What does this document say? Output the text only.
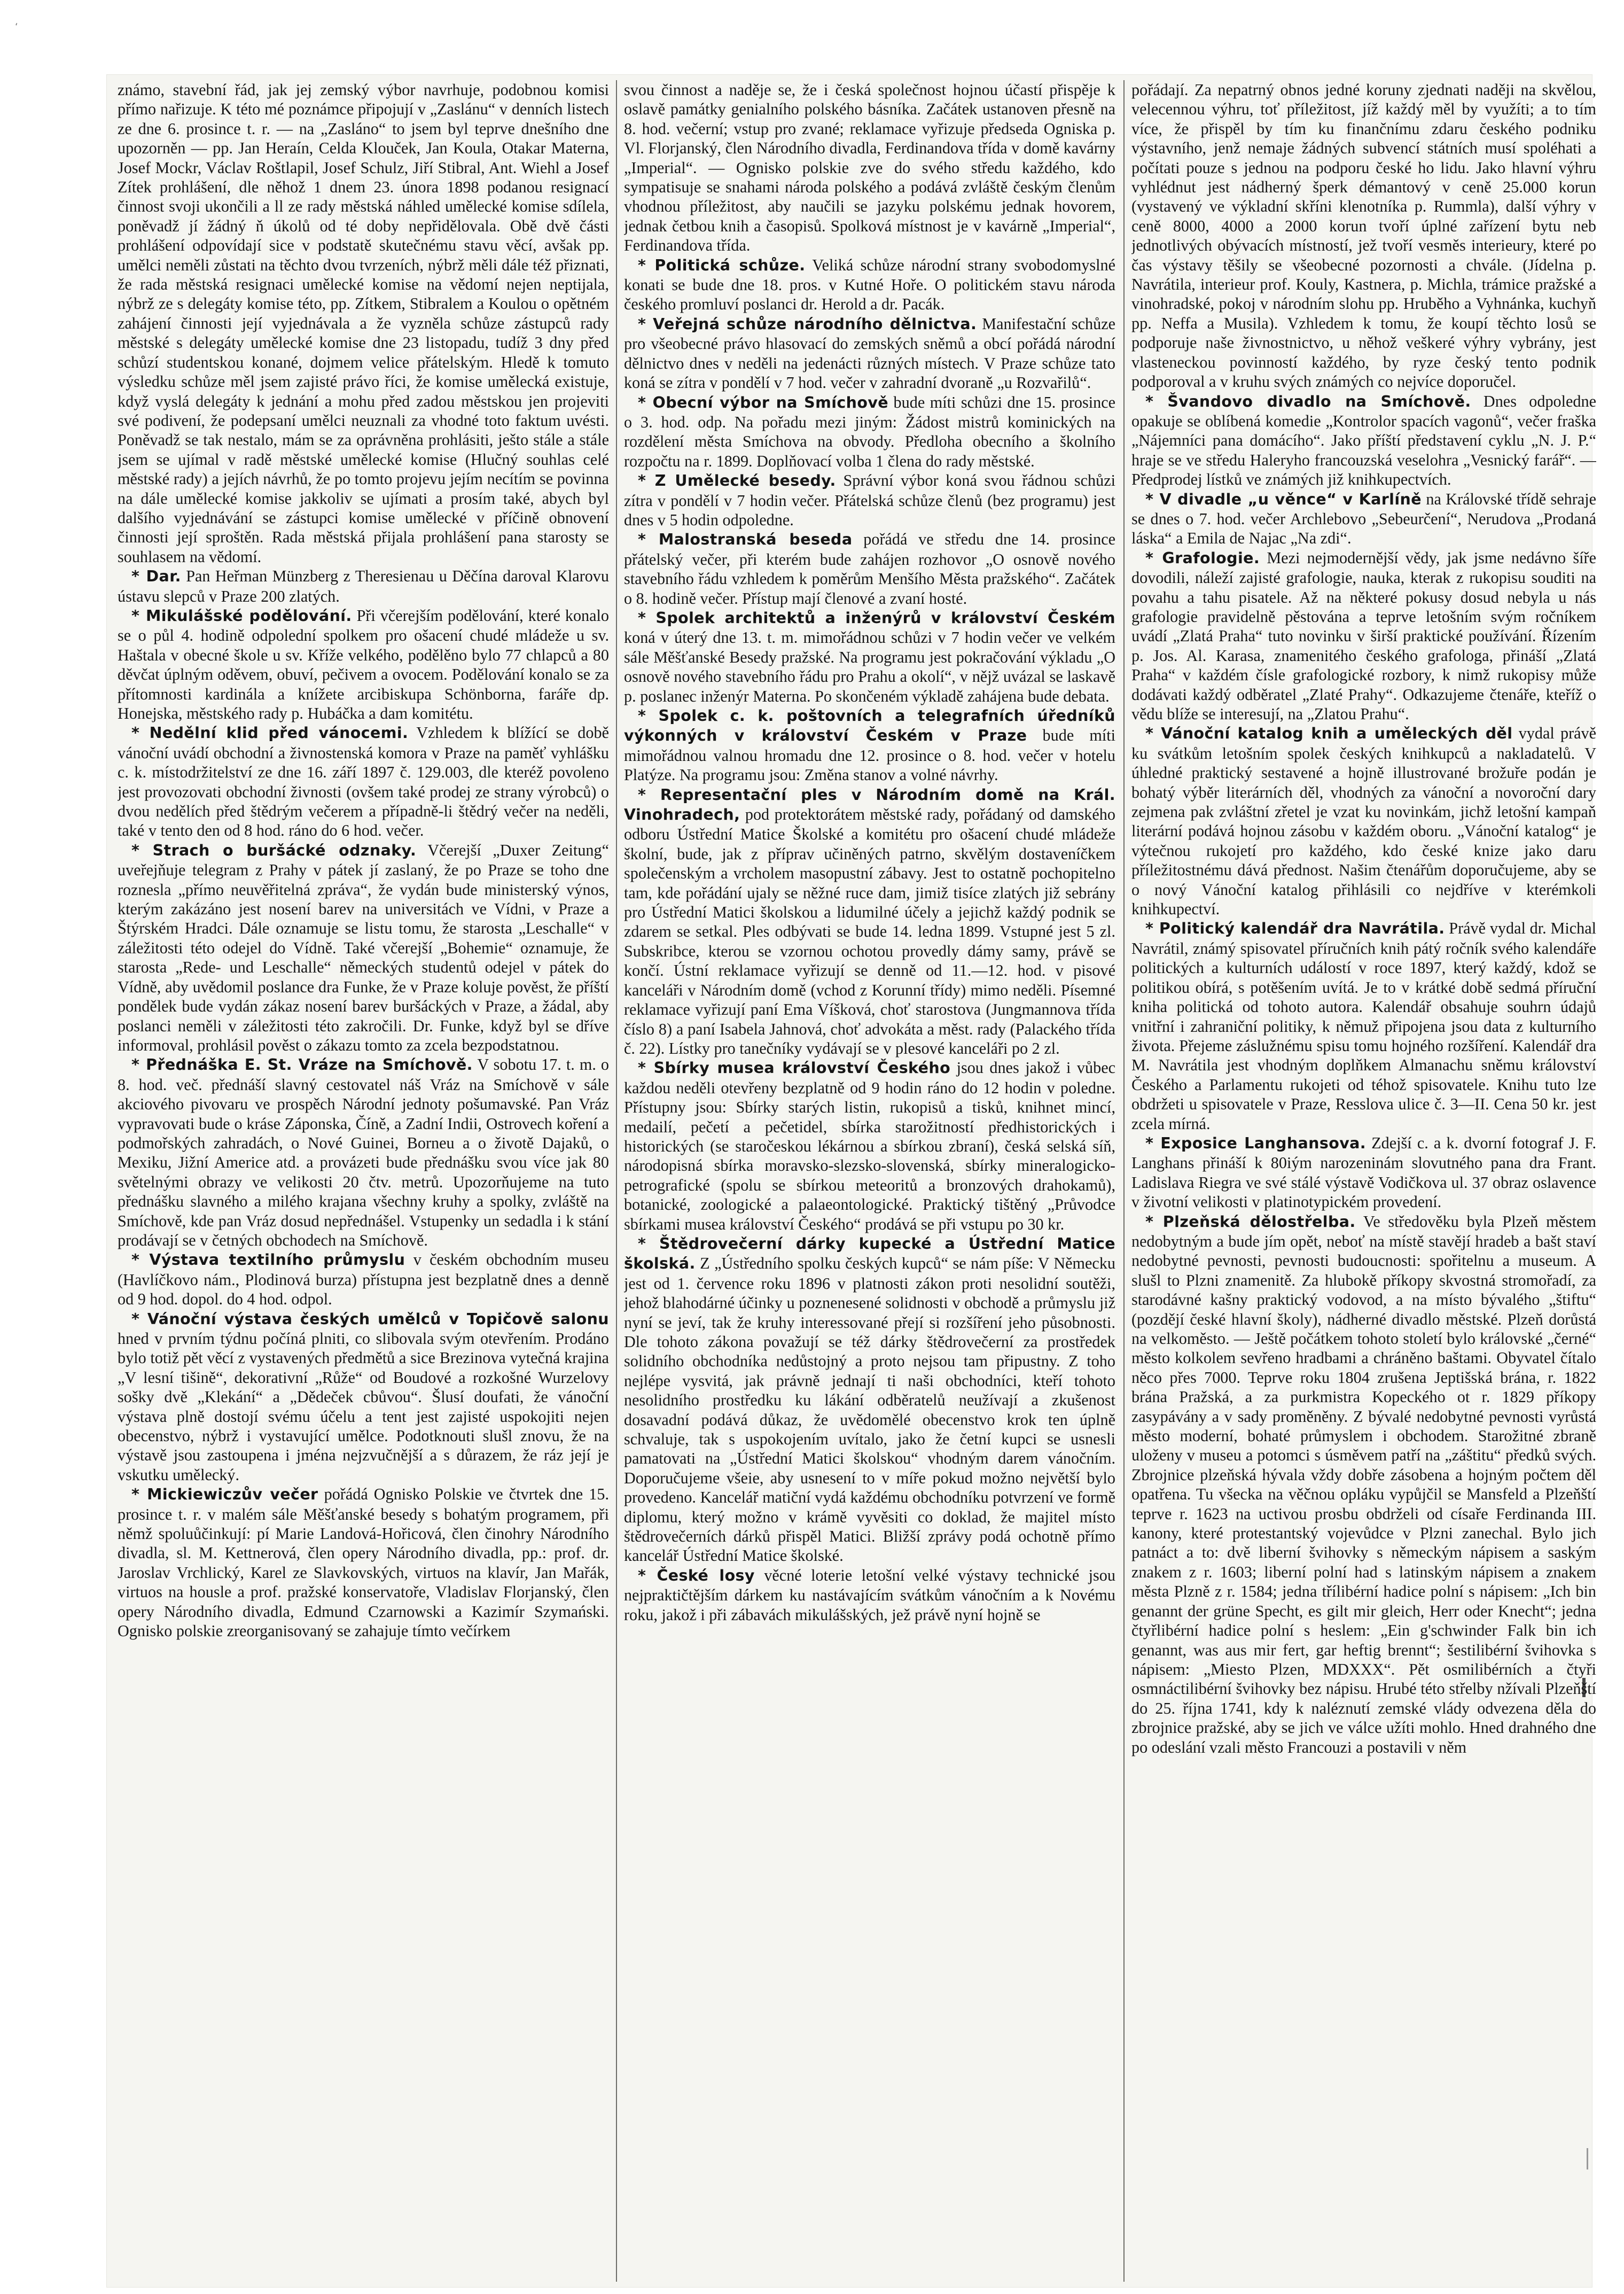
‘

známo, stavební řád, jak jej zemský výbor navrhuje, podobnou komisi přímo nařizuje. K této mé poznámce připojují v „Zaslánu“ v denních listech ze dne 6. prosince t. r. — na „Zasláno“ to jsem byl teprve dnešního dne upozorněn — pp. Jan Heraín, Celda Klouček, Jan Koula, Otakar Materna, Josef Mockr, Václav Roštlapil, Josef Schulz, Jiří Stibral, Ant. Wiehl a Josef Zítek prohlášení, dle něhož 1 dnem 23. února 1898 podanou resignací činnost svoji ukončili a ll ze rady městská náhled umělecké komise sdílela, poněvadž jí žádný ň úkolů od té doby nepřidělovala. Obě dvě části prohlášení odpovídají sice v podstatě skutečnému stavu věcí, avšak pp. umělci neměli zůstati na těchto dvou tvrzeních, nýbrž měli dále též přiznati, že rada městská resignaci umělecké komise na vědomí nejen neptijala, nýbrž ze s delegáty komise této, pp. Zítkem, Stibralem a Koulou o opětném zahájení činnosti její vyjednávala a že vyzněla schůze zástupců rady městské s delegáty umělecké komise dne 23 listopadu, tudíž 3 dny před schůzí studentskou konané, dojmem velice přátelským. Hledě k tomuto výsledku schůze měl jsem zajisté právo říci, že komise umělecká existuje, když vyslá delegáty k jednání a mohu před zadou městskou jen projeviti své podivení, že podepsaní umělci neuznali za vhodné toto faktum uvésti. Poněvadž se tak nestalo, mám se za oprávněna prohlásiti, ješto stále a stále jsem se ujímal v radě městské umělecké komise (Hlučný souhlas celé městské rady) a jejích návrhů, že po tomto projevu jejím necítím se povinna na dále umělecké komise jakkoliv se ujímati a prosím také, abych byl dalšího vyjednávání se zástupci komise umělecké v příčině obnovení činnosti její sproštěn. Rada městská přijala prohlášení pana starosty se souhlasem na vědomí.

* Dar. Pan Heřman Münzberg z Theresienau u Děčína daroval Klarovu ústavu slepců v Praze 200 zlatých.

* Mikulášské podělování. Při včerejším podělování, které konalo se o půl 4. hodině odpolední spolkem pro ošacení chudé mládeže u sv. Haštala v obecné škole u sv. Kříže velkého, podělěno bylo 77 chlapců a 80 děvčat úplným oděvem, obuví, pečivem a ovocem. Podělování konalo se za přítomnosti kardinála a knížete arcibiskupa Schönborna, faráře dp. Honejska, městského rady p. Hubáčka a dam komitétu.

* Nedělní klid před vánocemi. Vzhledem k blížící se době vánoční uvádí obchodní a živnostenská komora v Praze na paměť vyhlášku c. k. místodržitelství ze dne 16. září 1897 č. 129.003, dle kteréž povoleno jest provozovati obchodní živnosti (ovšem také prodej ze strany výrobců) o dvou nedělích před štědrým večerem a případně-li štědrý večer na neděli, také v tento den od 8 hod. ráno do 6 hod. večer.

* Strach o buršácké odznaky. Včerejší „Duxer Zeitung“ uveřejňuje telegram z Prahy v pátek jí zaslaný, že po Praze se toho dne roznesla „přímo neuvěřitelná zpráva“, že vydán bude ministerský výnos, kterým zakázáno jest nosení barev na universitách ve Vídni, v Praze a Štýrském Hradci. Dále oznamuje se listu tomu, že starosta „Leschalle“ v záležitosti této odejel do Vídně. Také včerejší „Bohemie“ oznamuje, že starosta „Rede- und Leschalle“ německých studentů odejel v pátek do Vídně, aby uvědomil poslance dra Funke, že v Praze koluje pověst, že příští pondělek bude vydán zákaz nosení barev buršáckých v Praze, a žádal, aby poslanci neměli v záležitosti této zakročili. Dr. Funke, když byl se dříve informoval, prohlásil pověst o zákazu tomto za zcela bezpodstatnou.

* Přednáška E. St. Vráze na Smíchově. V sobotu 17. t. m. o 8. hod. več. přednáší slavný cestovatel náš Vráz na Smíchově v sále akciového pivovaru ve prospěch Národní jednoty pošumavské. Pan Vráz vypravovati bude o kráse Záponska, Číně, a Zadní Indii, Ostrovech koření a podmořských zahradách, o Nové Guinei, Borneu a o životě Dajaků, o Mexiku, Jižní Americe atd. a provázeti bude přednášku svou více jak 80 světelnými obrazy ve velikosti 20 čtv. metrů. Upozorňujeme na tuto přednášku slavného a milého krajana všechny kruhy a spolky, zvláště na Smíchově, kde pan Vráz dosud nepřednášel. Vstupenky un sedadla i k stání prodávají se v četných obchodech na Smíchově.

* Výstava textilního průmyslu v českém obchodním museu (Havlíčkovo nám., Plodinová burza) přístupna jest bezplatně dnes a denně od 9 hod. dopol. do 4 hod. odpol.

* Vánoční výstava českých umělců v Topičově salonu hned v prvním týdnu počíná plniti, co slibovala svým otevřením. Prodáno bylo totiž pět věcí z vystavených předmětů a sice Brezinova vytečná krajina „V lesní tišině“, dekorativní „Růže“ od Boudové a rozkošné Wurzelovy sošky dvě „Klekání“ a „Dědeček cbůvou“. Šlusí doufati, že vánoční výstava plně dostojí svému účelu a tent jest zajisté uspokojiti nejen obecenstvo, nýbrž i vystavující umělce. Podotknouti slušl znovu, že na výstavě jsou zastoupena i jména nejzvučnější a s důrazem, že ráz její je vskutku umělecký.

* Mickiewiczův večer pořádá Ognisko Polskie ve čtvrtek dne 15. prosince t. r. v malém sále Měšťanské besedy s bohatým programem, při němž spoluůčinkují: pí Marie Landová-Hořicová, člen činohry Národního divadla, sl. M. Kettnerová, člen opery Národního divadla, pp.: prof. dr. Jaroslav Vrchlický, Karel ze Slavkovských, virtuos na klavír, Jan Mařák, virtuos na housle a prof. pražské konservatoře, Vladislav Florjanský, člen opery Národního divadla, Edmund Czarnowski a Kazimír Szymański. Ognisko polskie zreorganisovaný se zahajuje tímto večírkem

svou činnost a naděje se, že i česká společnost hojnou účastí přispěje k oslavě památky genialního polského básníka. Začátek ustanoven přesně na 8. hod. večerní; vstup pro zvané; reklamace vyřizuje předseda Ogniska p. Vl. Florjanský, člen Národního divadla, Ferdinandova třída v domě kavárny „Imperial“. — Ognisko polskie zve do svého středu každého, kdo sympatisuje se snahami národa polského a podává zvláště českým členům vhodnou příležitost, aby naučili se jazyku polskému jednak hovorem, jednak četbou knih a časopisů. Spolková místnost je v kavárně „Imperial“, Ferdinandova třída.

* Politická schůze. Veliká schůze národní strany svobodomyslné konati se bude dne 18. pros. v Kutné Hoře. O politickém stavu národa českého promluví poslanci dr. Herold a dr. Pacák.

* Veřejná schůze národního dělnictva. Manifestační schůze pro všeobecné právo hlasovací do zemských sněmů a obcí pořádá národní dělnictvo dnes v neděli na jedenácti různých místech. V Praze schůze tato koná se zítra v pondělí v 7 hod. večer v zahradní dvoraně „u Rozvařilů“.

* Obecní výbor na Smíchově bude míti schůzi dne 15. prosince o 3. hod. odp. Na pořadu mezi jiným: Žádost mistrů kominických na rozdělení města Smíchova na obvody. Předloha obecního a školního rozpočtu na r. 1899. Doplňovací volba 1 člena do rady městské.

* Z Umělecké besedy. Správní výbor koná svou řádnou schůzi zítra v pondělí v 7 hodin večer. Přátelská schůze členů (bez programu) jest dnes v 5 hodin odpoledne.

* Malostranská beseda pořádá ve středu dne 14. prosince přátelský večer, při kterém bude zahájen rozhovor „O osnově nového stavebního řádu vzhledem k poměrům Menšího Města pražského“. Začátek o 8. hodině večer. Přístup mají členové a zvaní hosté.

* Spolek architektů a inženýrů v království Českém koná v úterý dne 13. t. m. mimořádnou schůzi v 7 hodin večer ve velkém sále Měšťanské Besedy pražské. Na programu jest pokračování výkladu „O osnově nového stavebního řádu pro Prahu a okolí“, v nějž uvázal se laskavě p. poslanec inženýr Materna. Po skončeném výkladě zahájena bude debata.

* Spolek c. k. poštovních a telegrafních úředníků výkonných v království Českém v Praze bude míti mimořádnou valnou hromadu dne 12. prosince o 8. hod. večer v hotelu Platýze. Na programu jsou: Změna stanov a volné návrhy.

* Representační ples v Národním domě na Král. Vinohradech, pod protektorátem městské rady, pořádaný od damského odboru Ústřední Matice Školské a komitétu pro ošacení chudé mládeže školní, bude, jak z příprav učiněných patrno, skvělým dostaveníčkem společenským a vrcholem masopustní zábavy. Jest to ostatně pochopitelno tam, kde pořádání ujaly se něžné ruce dam, jimiž tisíce zlatých již sebrány pro Ústřední Matici školskou a lidumilné účely a jejichž každý podnik se zdarem se setkal. Ples odbývati se bude 14. ledna 1899. Vstupné jest 5 zl. Subskribce, kterou se vzornou ochotou provedly dámy samy, právě se končí. Ústní reklamace vyřizují se denně od 11.—12. hod. v pisové kanceláři v Národním domě (vchod z Korunní třídy) mimo neděli. Písemné reklamace vyřizují paní Ema Víšková, choť starostova (Jungmannova třída číslo 8) a paní Isabela Jahnová, choť advokáta a měst. rady (Palackého třída č. 22). Lístky pro tanečníky vydávají se v plesové kanceláři po 2 zl.

* Sbírky musea království Českého jsou dnes jakož i vůbec každou neděli otevřeny bezplatně od 9 hodin ráno do 12 hodin v poledne. Přístupny jsou: Sbírky starých listin, rukopisů a tisků, knihnet mincí, medailí, pečetí a pečetidel, sbírka starožitností předhistorických i historických (se staročeskou lékárnou a sbírkou zbraní), česká selská síň, národopisná sbírka moravsko-slezsko-slovenská, sbírky mineralogicko-petrografické (spolu se sbírkou meteoritů a bronzových drahokamů), botanické, zoologické a palaeontologické. Praktický tištěný „Průvodce sbírkami musea království Českého“ prodává se při vstupu po 30 kr.

* Štědrovečerní dárky kupecké a Ústřední Matice školská. Z „Ústředního spolku českých kupců“ se nám píše: V Německu jest od 1. července roku 1896 v platnosti zákon proti nesolidní soutěži, jehož blahodárné účinky u poznenesené solidnosti v obchodě a průmyslu již nyní se jeví, tak že kruhy interessované přejí si rozšíření jeho působnosti. Dle tohoto zákona považují se též dárky štědrovečerní za prostředek solidního obchodníka nedůstojný a proto nejsou tam připustny. Z toho nejlépe vysvitá, jak právně jednají ti naši obchodníci, kteří tohoto nesolidního prostředku ku lákání odběratelů neužívají a zkušenost dosavadní podává důkaz, že uvědomělé obecenstvo krok ten úplně schvaluje, tak s uspokojením uvítalo, jako že četní kupci se usnesli pamatovati na „Ústřední Matici školskou“ vhodným darem vánočním. Doporučujeme všeie, aby usnesení to v míře pokud možno největší bylo provedeno. Kancelář matiční vydá každému obchodníku potvrzení ve formě diplomu, který možno v krámě vyvěsiti co doklad, že majitel místo štědrovečerních dárků přispěl Matici. Bližší zprávy podá ochotně přímo kancelář Ústřední Matice školské.

* České losy věcné loterie letošní velké výstavy technické jsou nejpraktičtějším dárkem ku nastávajícím svátkům vánočním a k Novému roku, jakož i při zábavách mikulášských, jež právě nyní hojně se

pořádají. Za nepatrný obnos jedné koruny zjednati naději na skvělou, velecennou výhru, toť příležitost, jíž každý měl by využíti; a to tím více, že přispěl by tím ku finančnímu zdaru českého podniku výstavního, jenž nemaje žádných subvencí státních musí spoléhati a počítati pouze s jednou na podporu české ho lidu. Jako hlavní výhru vyhlédnut jest nádherný šperk démantový v ceně 25.000 korun (vystavený ve výkladní skříni klenotníka p. Rummla), další výhry v ceně 8000, 4000 a 2000 korun tvoří úplné zařízení bytu neb jednotlivých obývacích místností, jež tvoří vesměs interieury, které po čas výstavy těšily se všeobecné pozornosti a chvále. (Jídelna p. Navrátila, interieur prof. Kouly, Kastnera, p. Michla, trámice pražské a vinohradské, pokoj v národním slohu pp. Hruběho a Vyhnánka, kuchyň pp. Neffa a Musila). Vzhledem k tomu, že koupí těchto losů se podporuje naše živnostnictvo, u něhož veškeré výhry vybrány, jest vlasteneckou povinností každého, by ryze český tento podnik podporoval a v kruhu svých známých co nejvíce doporučel.

* Švandovo divadlo na Smíchově. Dnes odpoledne opakuje se oblíbená komedie „Kontrolor spacích vagonů“, večer fraška „Nájemníci pana domácího“. Jako příští představení cyklu „N. J. P.“ hraje se ve středu Haleryho francouzská veselohra „Vesnický farář“. — Předprodej lístků ve známých již knihkupectvích.

* V divadle „u věnce“ v Karlíně na Královské třídě sehraje se dnes o 7. hod. večer Archlebovo „Sebeurčení“, Nerudova „Prodaná láska“ a Emila de Najac „Na zdi“.

* Grafologie. Mezi nejmodernější vědy, jak jsme nedávno šíře dovodili, náleží zajisté grafologie, nauka, kterak z rukopisu souditi na povahu a tahu pisatele. Až na některé pokusy dosud nebyla u nás grafologie pravidelně pěstována a teprve letošním svým ročníkem uvádí „Zlatá Praha“ tuto novinku v širší praktické používání. Řízením p. Jos. Al. Karasa, znamenitého českého grafologa, přináší „Zlatá Praha“ v každém čísle grafologické rozbory, k nimž rukopisy může dodávati každý odběratel „Zlaté Prahy“. Odkazujeme čtenáře, kteříž o vědu blíže se interesují, na „Zlatou Prahu“.

* Vánoční katalog knih a uměleckých děl vydal právě ku svátkům letošním spolek českých knihkupců a nakladatelů. V úhledné praktický sestavené a hojně illustrované brožuře podán je bohatý výběr literárních děl, vhodných za vánoční a novoroční dary zejmena pak zvláštní zřetel je vzat ku novinkám, jichž letošní kampaň literární podává hojnou zásobu v každém oboru. „Vánoční katalog“ je výtečnou rukojetí pro každého, kdo české knize jako daru příležitostnému dává přednost. Našim čtenářům doporučujeme, aby se o nový Vánoční katalog přihlásili co nejdříve v kterémkoli knihkupectví.

* Politický kalendář dra Navrátila. Právě vydal dr. Michal Navrátil, známý spisovatel příručních knih pátý ročník svého kalendáře politických a kulturních událostí v roce 1897, který každý, kdož se politikou obírá, s potěšením uvítá. Je to v krátké době sedmá příruční kniha politická od tohoto autora. Kalendář obsahuje souhrn údajů vnitřní i zahraniční politiky, k němuž připojena jsou data z kulturního života. Přejeme záslužnému spisu tomu hojného rozšíření. Kalendář dra M. Navrátila jest vhodným doplňkem Almanachu sněmu království Českého a Parlamentu rukojeti od téhož spisovatele. Knihu tuto lze obdržeti u spisovatele v Praze, Resslova ulice č. 3—II. Cena 50 kr. jest zcela mírná.

* Exposice Langhansova. Zdejší c. a k. dvorní fotograf J. F. Langhans přináší k 80iým narozeninám slovutného pana dra Frant. Ladislava Riegra ve své stálé výstavě Vodičkova ul. 37 obraz oslavence v životní velikosti v platinotypickém provedení.

* Plzeňská dělostřelba. Ve středověku byla Plzeň městem nedobytným a bude jím opět, neboť na místě stavějí hradeb a bašt staví nedobytné pevnosti, pevnosti budoucnosti: spořitelnu a museum. A slušl to Plzni znamenitě. Za hlubokě příkopy skvostná stromořadí, za starodávné kašny praktický vodovod, a na místo bývalého „štiftu“ (pozdějí české hlavní školy), nádherné divadlo městské. Plzeň dorůstá na velkoměsto. — Ještě počátkem tohoto století bylo královské „černé“ město kolkolem sevřeno hradbami a chráněno baštami. Obyvatel čítalo něco přes 7000. Teprve roku 1804 zrušena Jeptišská brána, r. 1822 brána Pražská, a za purkmistra Kopeckého ot r. 1829 příkopy zasypávány a v sady proměněny. Z bývalé nedobytné pevnosti vyrůstá město moderní, bohaté průmyslem i obchodem. Starožitné zbraně uloženy v museu a potomci s úsměvem patří na „záštitu“ předků svých. Zbrojnice plzeňská hývala vždy dobře zásobena a hojným počtem děl opatřena. Tu všecka na věčnou opláku vypůjčil se Mansfeld a Plzeňští teprve r. 1623 na uctivou prosbu obdrželi od císaře Ferdinanda III. kanony, které protestantský vojevůdce v Plzni zanechal. Bylo jich patnáct a to: dvě liberní švihovky s německým nápisem a saským znakem z r. 1603; liberní polní had s latinským nápisem a znakem města Plzně z r. 1584; jedna třílibérní hadice polní s nápisem: „Ich bin genannt der grüne Specht, es gilt mir gleich, Herr oder Knecht“; jedna čtyřlibérní hadice polní s heslem: „Ein g'schwinder Falk bin ich genannt, was aus mir fert, gar heftig brennt“; šestilibérní švihovka s nápisem: „Miesto Plzen, MDXXX“. Pět osmilibérních a čtyři osmnáctilibérní švihovky bez nápisu. Hrubé této střelby nžívali Plzeňští do 25. října 1741, kdy k naléznutí zemské vlády odvezena děla do zbrojnice pražské, aby se jich ve válce užíti mohlo. Hned drahného dne po odeslání vzali město Francouzi a postavili v něm
